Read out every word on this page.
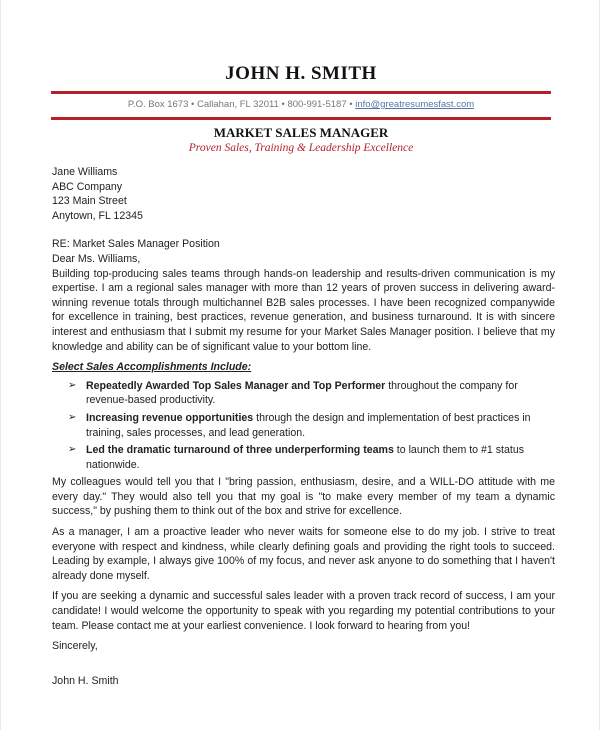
JOHN H. SMITH
P.O. Box 1673 • Callahan, FL 32011 • 800-991-5187 • info@greatresumesfast.com
MARKET SALES MANAGER
Proven Sales, Training & Leadership Excellence
Jane Williams
ABC Company
123 Main Street
Anytown, FL 12345
RE: Market Sales Manager Position
Dear Ms. Williams,

Building top-producing sales teams through hands-on leadership and results-driven communication is my expertise. I am a regional sales manager with more than 12 years of proven success in delivering award-winning revenue totals through multichannel B2B sales processes. I have been recognized companywide for excellence in training, best practices, revenue generation, and business turnaround. It is with sincere interest and enthusiasm that I submit my resume for your Market Sales Manager position. I believe that my knowledge and ability can be of significant value to your bottom line.

Select Sales Accomplishments Include:
➢ Repeatedly Awarded Top Sales Manager and Top Performer throughout the company for revenue-based productivity.
➢ Increasing revenue opportunities through the design and implementation of best practices in training, sales processes, and lead generation.
➢ Led the dramatic turnaround of three underperforming teams to launch them to #1 status nationwide.

My colleagues would tell you that I "bring passion, enthusiasm, desire, and a WILL-DO attitude with me every day." They would also tell you that my goal is "to make every member of my team a dynamic success," by pushing them to think out of the box and strive for excellence.

As a manager, I am a proactive leader who never waits for someone else to do my job. I strive to treat everyone with respect and kindness, while clearly defining goals and providing the right tools to succeed. Leading by example, I always give 100% of my focus, and never ask anyone to do something that I haven't already done myself.

If you are seeking a dynamic and successful sales leader with a proven track record of success, I am your candidate! I would welcome the opportunity to speak with you regarding my potential contributions to your team. Please contact me at your earliest convenience. I look forward to hearing from you!

Sincerely,
John H. Smith
